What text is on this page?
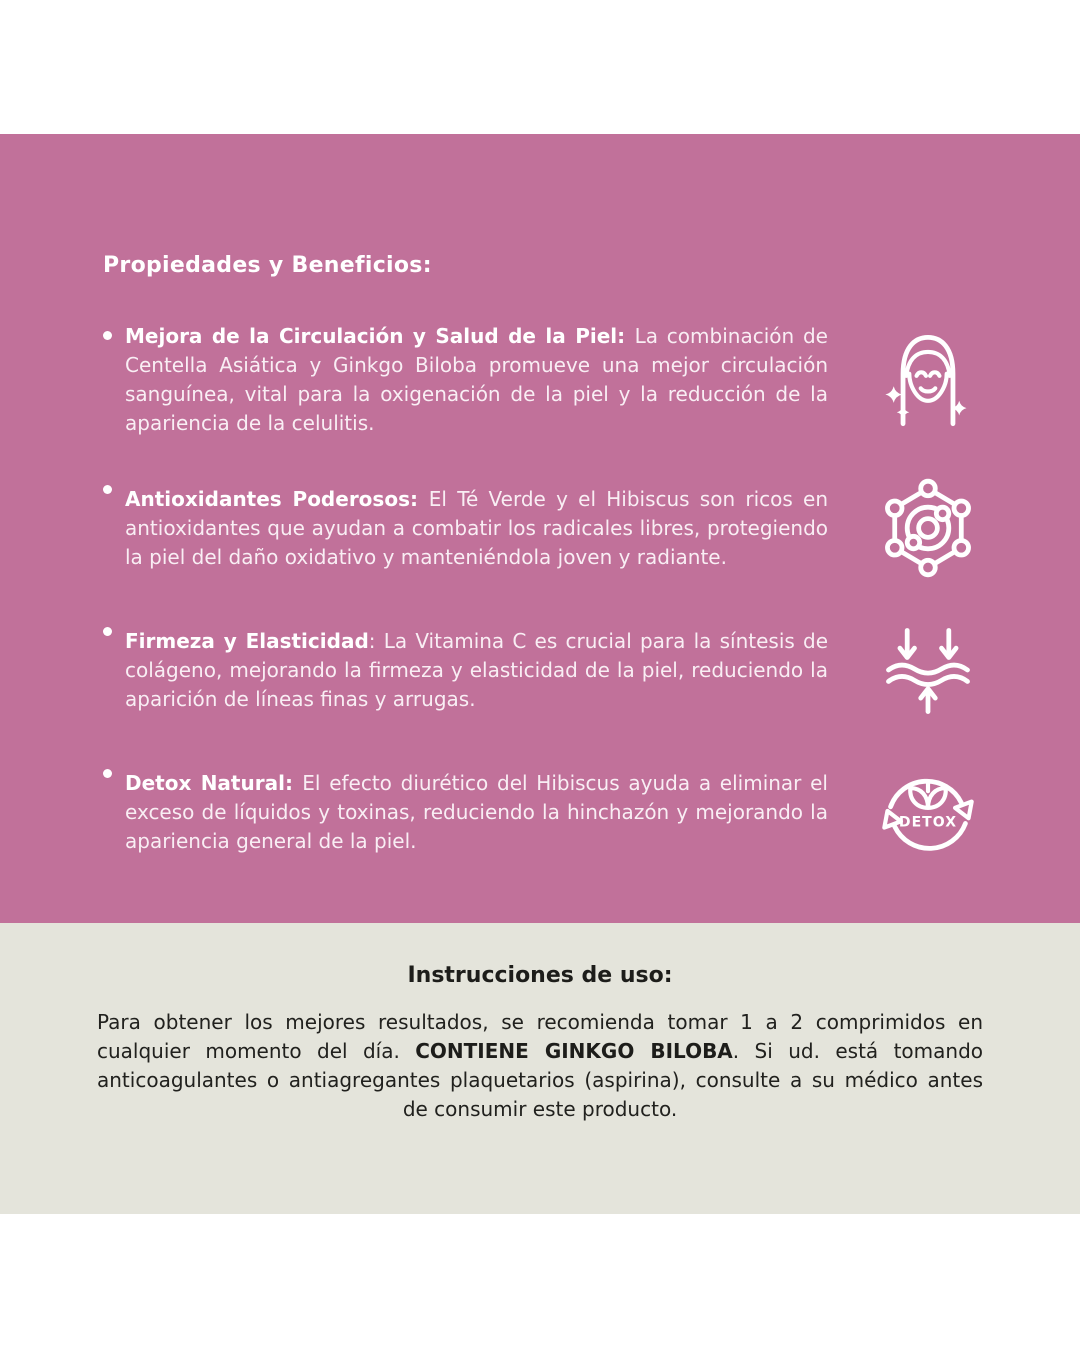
Propiedades y Beneficios:

Mejora de la Circulación y Salud de la Piel: La combinación de Centella Asiática y Ginkgo Biloba promueve una mejor circulación sanguínea, vital para la oxigenación de la piel y la reducción de la apariencia de la celulitis.

Antioxidantes Poderosos: El Té Verde y el Hibiscus son ricos en antioxidantes que ayudan a combatir los radicales libres, protegiendo la piel del daño oxidativo y manteniéndola joven y radiante.

Firmeza y Elasticidad: La Vitamina C es crucial para la síntesis de colágeno, mejorando la firmeza y elasticidad de la piel, reduciendo la aparición de líneas finas y arrugas.

Detox Natural: El efecto diurético del Hibiscus ayuda a eliminar el exceso de líquidos y toxinas, reduciendo la hinchazón y mejorando la apariencia general de la piel.

DETOX
Instrucciones de uso:

Para obtener los mejores resultados, se recomienda tomar 1 a 2 comprimidos en cualquier momento del día. CONTIENE GINKGO BILOBA. Si ud. está tomando anticoagulantes o antiagregantes plaquetarios (aspirina), consulte a su médico antes de consumir este producto.
